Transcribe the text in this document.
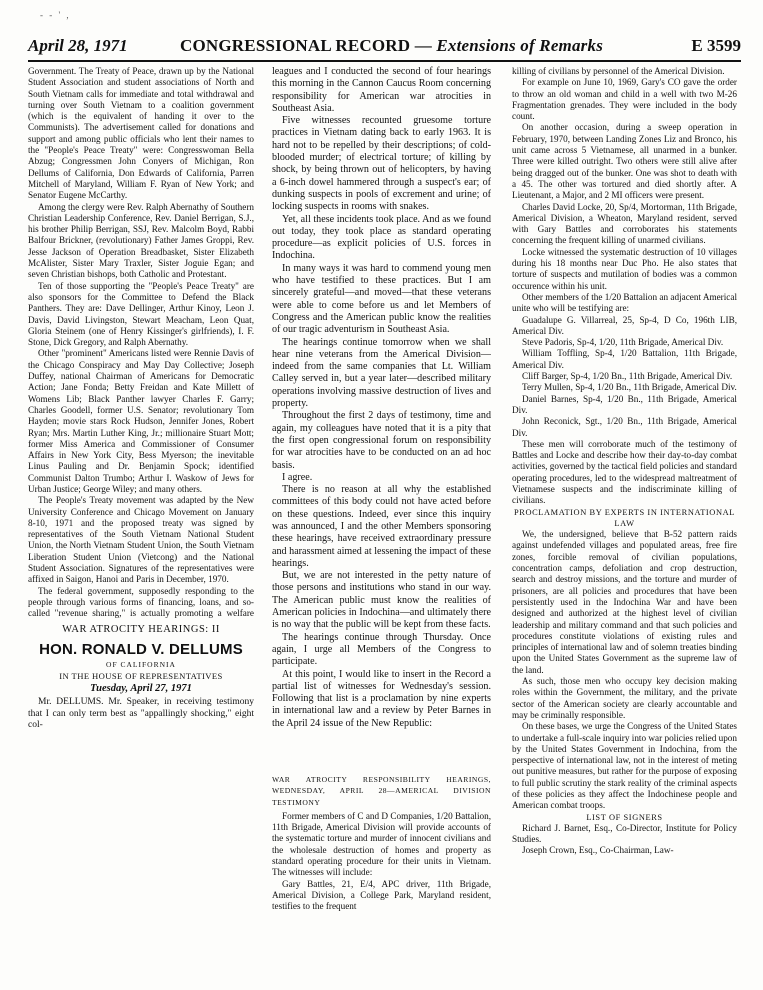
- - ' ,
April 28, 1971	CONGRESSIONAL RECORD — Extensions of Remarks	E 3599

Government. The Treaty of Peace, drawn up by the National Student Association and student associations of North and South Vietnam calls for immediate and total withdrawal and turning over South Vietnam to a coalition government (which is the equivalent of handing it over to the Communists). The advertisement called for donations and support and among public officials who lent their names to the "People's Peace Treaty" were: Congresswoman Bella Abzug; Congressmen John Conyers of Michigan, Ron Dellums of California, Don Edwards of California, Parren Mitchell of Maryland, William F. Ryan of New York; and Senator Eugene McCarthy.

Among the clergy were Rev. Ralph Abernathy of Southern Christian Leadership Conference, Rev. Daniel Berrigan, S.J., his brother Philip Berrigan, SSJ, Rev. Malcolm Boyd, Rabbi Balfour Brickner, (revolutionary) Father James Groppi, Rev. Jesse Jackson of Operation Breadbasket, Sister Elizabeth McAlister, Sister Mary Traxler, Sister Joguie Egan; and seven Christian bishops, both Catholic and Protestant.

Ten of those supporting the "People's Peace Treaty" are also sponsors for the Committee to Defend the Black Panthers. They are: Dave Dellinger, Arthur Kinoy, Leon J. Davis, David Livingston, Stewart Meacham, Leon Quat, Gloria Steinem (one of Henry Kissinger's girlfriends), I. F. Stone, Dick Gregory, and Ralph Abernathy.

Other "prominent" Americans listed were Rennie Davis of the Chicago Conspiracy and May Day Collective; Joseph Duffey, national Chairman of Americans for Democratic Action; Jane Fonda; Betty Freidan and Kate Millett of Womens Lib; Black Panther lawyer Charles F. Garry; Charles Goodell, former U.S. Senator; revolutionary Tom Hayden; movie stars Rock Hudson, Jennifer Jones, Robert Ryan; Mrs. Martin Luther King, Jr.; millionaire Stuart Mott; former Miss America and Commissioner of Consumer Affairs in New York City, Bess Myerson; the inevitable Linus Pauling and Dr. Benjamin Spock; identified Communist Dalton Trumbo; Arthur I. Waskow of Jews for Urban Justice; George Wiley; and many others.

The People's Treaty movement was adapted by the New University Conference and Chicago Movement on January 8-10, 1971 and the proposed treaty was signed by representatives of the South Vietnam National Student Union, the North Vietnam Student Union, the South Vietnam Liberation Student Union (Vietcong) and the National Student Association. Signatures of the representatives were affixed in Saigon, Hanoi and Paris in December, 1970.

The federal government, supposedly responding to the people through various forms of financing, loans, and so-called "revenue sharing," is actually promoting a welfare

WAR ATROCITY HEARINGS: II
HON. RONALD V. DELLUMS
OF CALIFORNIA
IN THE HOUSE OF REPRESENTATIVES
Tuesday, April 27, 1971

Mr. DELLUMS. Mr. Speaker, in receiving testimony that I can only term best as "appallingly shocking," eight col-

leagues and I conducted the second of four hearings this morning in the Cannon Caucus Room concerning responsibility for American war atrocities in Southeast Asia.

Five witnesses recounted gruesome torture practices in Vietnam dating back to early 1963. It is hard not to be repelled by their descriptions; of cold-blooded murder; of electrical torture; of killing by shock, by being thrown out of helicopters, by having a 6-inch dowel hammered through a suspect's ear; of dunking suspects in pools of excrement and urine; of locking suspects in rooms with snakes.

Yet, all these incidents took place. And as we found out today, they took place as standard operating procedure—as explicit policies of U.S. forces in Indochina.

In many ways it was hard to commend young men who have testified to these practices. But I am sincerely grateful—and moved—that these veterans were able to come before us and let Members of Congress and the American public know the realities of our tragic adventurism in Southeast Asia.

The hearings continue tomorrow when we shall hear nine veterans from the Americal Division—indeed from the same companies that Lt. William Calley served in, but a year later—described military operations involving massive destruction of lives and property.

Throughout the first 2 days of testimony, time and again, my colleagues have noted that it is a pity that the first open congressional forum on responsibility for war atrocities have to be conducted on an ad hoc basis.

I agree.

There is no reason at all why the established committees of this body could not have acted before on these questions. Indeed, ever since this inquiry was announced, I and the other Members sponsoring these hearings, have received extraordinary pressure and harassment aimed at lessening the impact of these hearings.

But, we are not interested in the petty nature of those persons and institutions who stand in our way. The American public must know the realities of American policies in Indochina—and ultimately there is no way that the public will be kept from these facts.

The hearings continue through Thursday. Once again, I urge all Members of the Congress to participate.

At this point, I would like to insert in the Record a partial list of witnesses for Wednesday's session. Following that list is a proclamation by nine experts in international law and a review by Peter Barnes in the April 24 issue of the New Republic:

WAR ATROCITY RESPONSIBILITY HEARINGS, WEDNESDAY, APRIL 28—AMERICAL DIVISION TESTIMONY

Former members of C and D Companies, 1/20 Battalion, 11th Brigade, Americal Division will provide accounts of the systematic torture and murder of innocent civilians and the wholesale destruction of homes and property as standard operating procedure for their units in Vietnam. The witnesses will include:

Gary Battles, 21, E/4, APC driver, 11th Brigade, Americal Division, a College Park, Maryland resident, testifies to the frequent

killing of civilians by personnel of the Americal Division.

For example on June 10, 1969, Gary's CO gave the order to throw an old woman and child in a well with two M-26 Fragmentation grenades. They were included in the body count.

On another occasion, during a sweep operation in February, 1970, between Landing Zones Liz and Bronco, his unit came across 5 Vietnamese, all unarmed in a bunker. Three were killed outright. Two others were still alive after being dragged out of the bunker. One was shot to death with a 45. The other was tortured and died shortly after. A Lieutenant, a Major, and 2 MI officers were present.

Charles David Locke, 20, Sp/4, Mortorman, 11th Brigade, Americal Division, a Wheaton, Maryland resident, served with Gary Battles and corroborates his statements concerning the frequent killing of unarmed civilians.

Locke witnessed the systematic destruction of 10 villages during his 18 months near Duc Pho. He also states that torture of suspects and mutilation of bodies was a common occurence within his unit.

Other members of the 1/20 Battalion an adjacent Americal unite who will be testifying are:

Guadalupe G. Villarreal, 25, Sp-4, D Co, 196th LIB, Americal Div.

Steve Padoris, Sp-4, 1/20, 11th Brigade, Americal Div.

William Toffling, Sp-4, 1/20 Battalion, 11th Brigade, Americal Div.

Cliff Barger, Sp-4, 1/20 Bn., 11th Brigade, Americal Div.

Terry Mullen, Sp-4, 1/20 Bn., 11th Brigade, Americal Div.

Daniel Barnes, Sp-4, 1/20 Bn., 11th Brigade, Americal Div.

John Reconick, Sgt., 1/20 Bn., 11th Brigade, Americal Div.

These men will corroborate much of the testimony of Battles and Locke and describe how their day-to-day combat activities, governed by the tactical field policies and standard operating procedures, led to the widespread maltreatment of Vietnamese suspects and the indiscriminate killing of civilians.

PROCLAMATION BY EXPERTS IN INTERNATIONAL LAW

We, the undersigned, believe that B-52 pattern raids against undefended villages and populated areas, free fire zones, forcible removal of civilian populations, concentration camps, defoliation and crop destruction, search and destroy missions, and the torture and murder of prisoners, are all policies and procedures that have been persistently used in the Indochina War and have been designed and authorized at the highest level of civilian leadership and military command and that such policies and procedures constitute violations of existing rules and principles of international law and of solemn treaties binding upon the United States Government as the supreme law of the land.

As such, those men who occupy key decision making roles within the Government, the military, and the private sector of the American society are clearly accountable and may be criminally responsible.

On these bases, we urge the Congress of the United States to undertake a full-scale inquiry into war policies relied upon by the United States Government in Indochina, from the perspective of international law, not in the interest of meting out punitive measures, but rather for the purpose of exposing to full public scrutiny the stark reality of the criminal aspects of these policies as they affect the Indochinese people and American combat troops.

LIST OF SIGNERS

Richard J. Barnet, Esq., Co-Director, Institute for Policy Studies.

Joseph Crown, Esq., Co-Chairman, Law-
